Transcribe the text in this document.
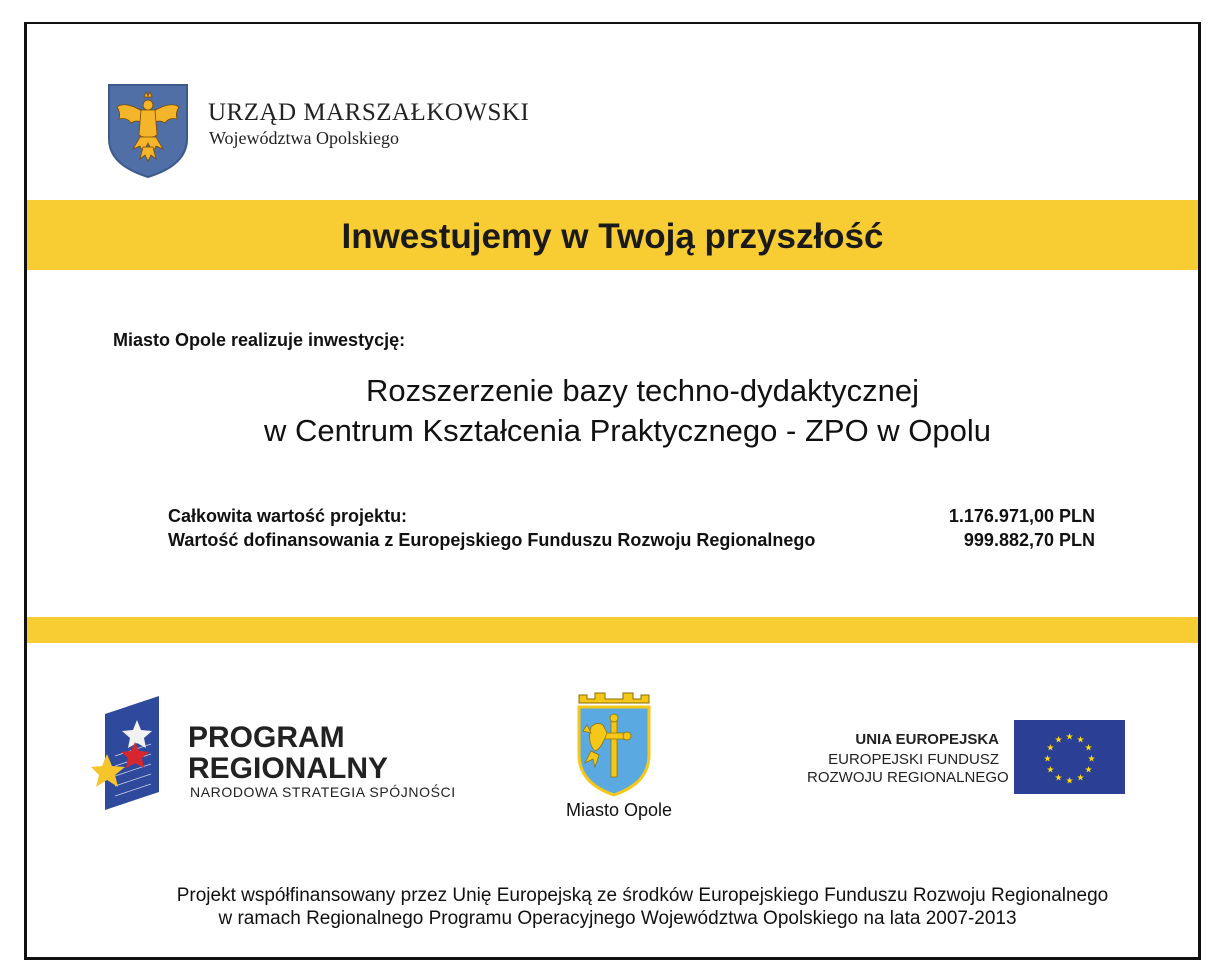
URZĄD MARSZAŁKOWSKI
Województwa Opolskiego
Inwestujemy w Twoją przyszłość
Miasto Opole realizuje inwestycję:
Rozszerzenie bazy techno-dydaktycznej
w Centrum Kształcenia Praktycznego - ZPO w Opolu
Całkowita wartość projektu:	1.176.971,00 PLN
Wartość dofinansowania z Europejskiego Funduszu Rozwoju Regionalnego	999.882,70 PLN
PROGRAM
REGIONALNY
NARODOWA STRATEGIA SPÓJNOŚCI
Miasto Opole
UNIA EUROPEJSKA
EUROPEJSKI FUNDUSZ
ROZWOJU REGIONALNEGO
★ ★
★
★
★
★
★
★
★
★
★
★
Projekt współfinansowany przez Unię Europejską ze środków Europejskiego Funduszu Rozwoju Regionalnego
w ramach Regionalnego Programu Operacyjnego Województwa Opolskiego na lata 2007-2013
